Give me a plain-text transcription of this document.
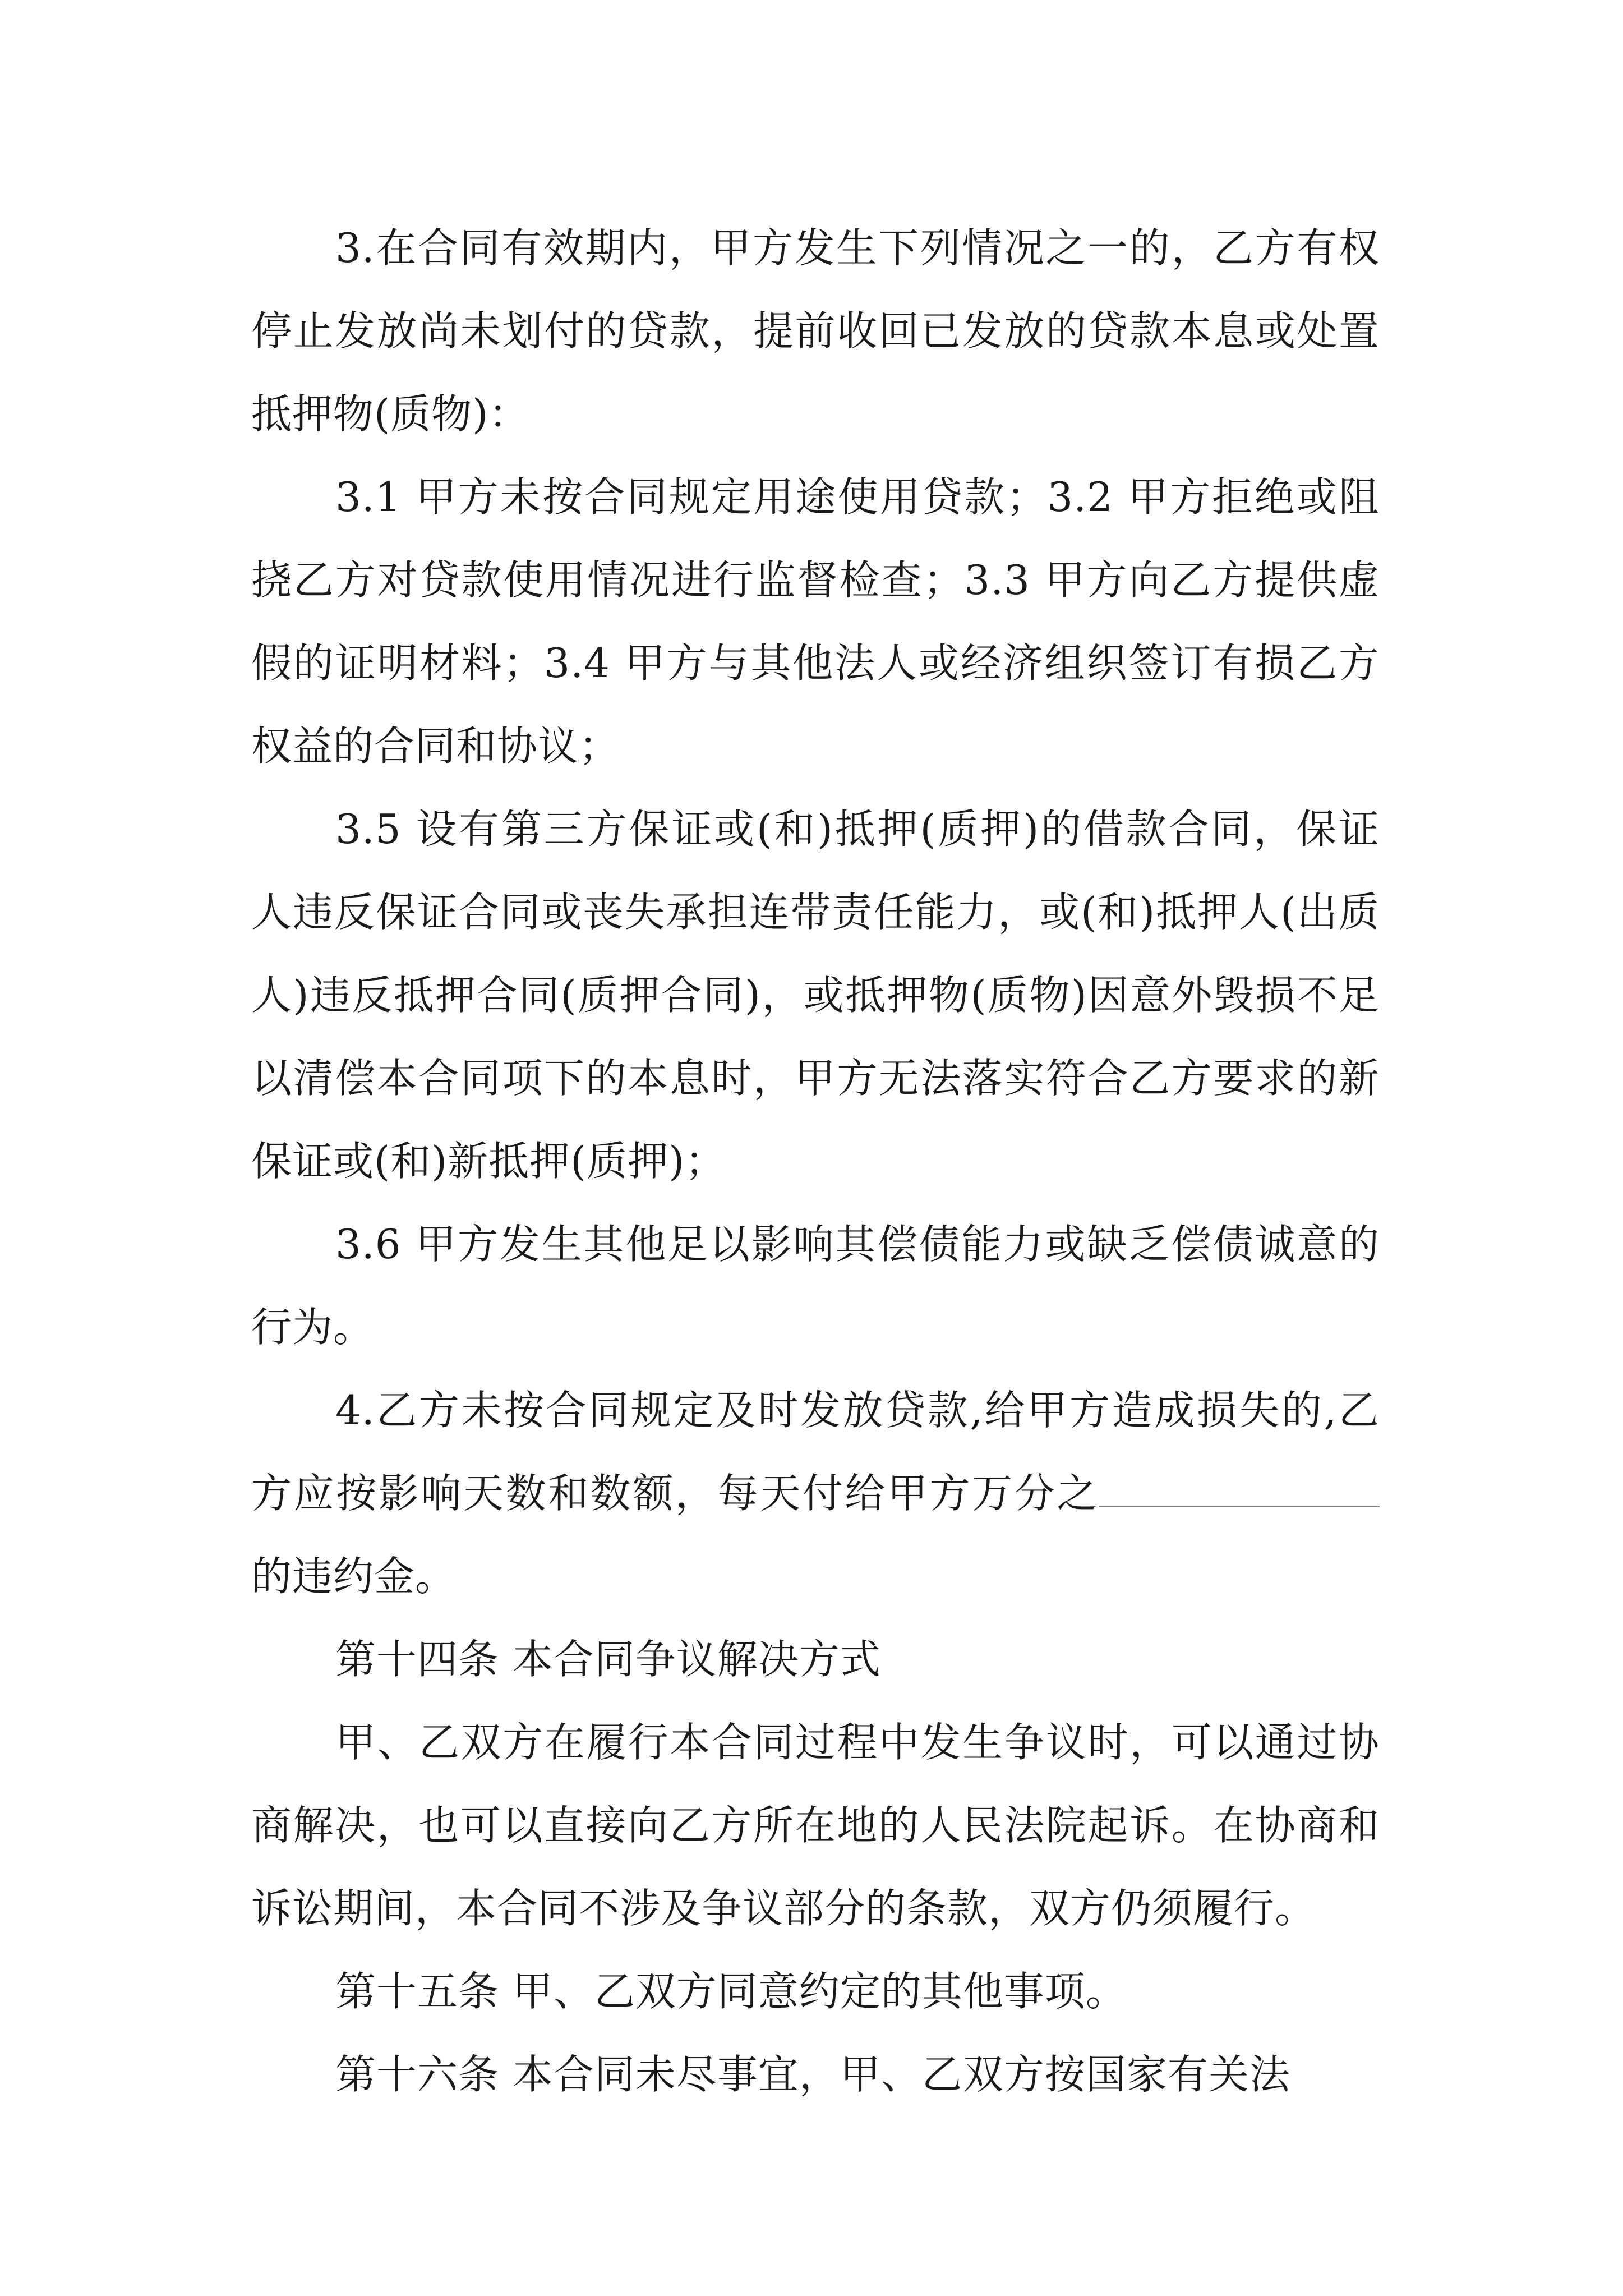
3.在合同有效期内，甲方发生下列情况之一的，乙方有权停止发放尚未划付的贷款，提前收回已发放的贷款本息或处置抵押物(质物)：

3.1 甲方未按合同规定用途使用贷款；3.2 甲方拒绝或阻挠乙方对贷款使用情况进行监督检查；3.3 甲方向乙方提供虚假的证明材料；3.4 甲方与其他法人或经济组织签订有损乙方权益的合同和协议；

3.5 设有第三方保证或(和)抵押(质押)的借款合同，保证人违反保证合同或丧失承担连带责任能力，或(和)抵押人(出质人)违反抵押合同(质押合同)，或抵押物(质物)因意外毁损不足以清偿本合同项下的本息时，甲方无法落实符合乙方要求的新保证或(和)新抵押(质押)；

3.6 甲方发生其他足以影响其偿债能力或缺乏偿债诚意的行为。

4.乙方未按合同规定及时发放贷款,给甲方造成损失的,乙方应按影响天数和数额，每天付给甲方万分之的违约金。

第十四条 本合同争议解决方式

甲、乙双方在履行本合同过程中发生争议时，可以通过协商解决，也可以直接向乙方所在地的人民法院起诉。在协商和诉讼期间，本合同不涉及争议部分的条款，双方仍须履行。

第十五条 甲、乙双方同意约定的其他事项。

第十六条 本合同未尽事宜，甲、乙双方按国家有关法
